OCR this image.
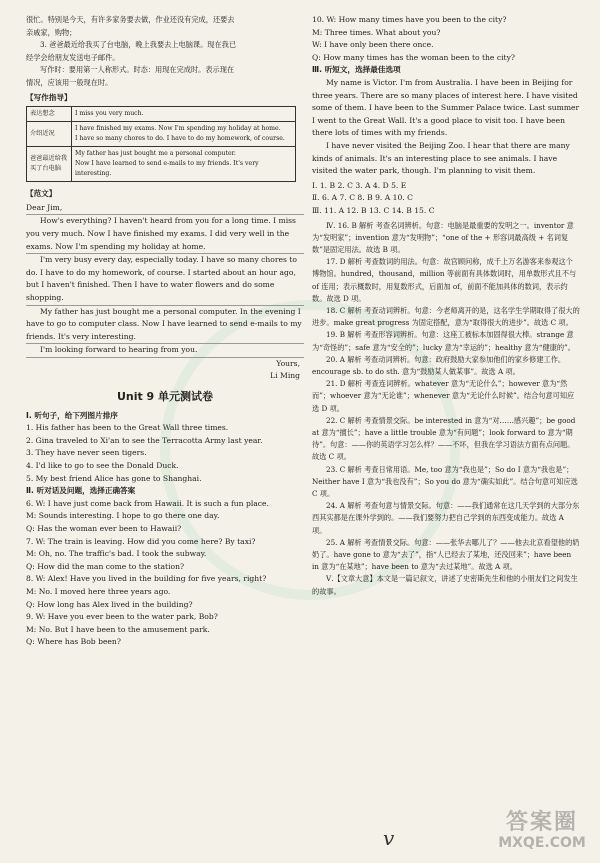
很忙。特别是今天，有许多家务要去做，作业还没有完成，还要去

亲戚家，购物；

3. 爸爸最近给我买了台电脑，晚上我要去上电脑课。现在我已

经学会给朋友发送电子邮件。

写作时：要用第一人称形式。时态：用现在完成时。表示现在

情况，应该用一般现在时。

【写作指导】

表达想念	I miss you very much.
介绍近况	I have finished my exams. Now I'm spending my holiday at home.
I have so many chores to do. I have to do my homework, of course.

爸爸最近给我买了台电脑	My father has just bought me a personal computer.
Now I have learned to send e-mails to my friends. It's very interesting.

【范文】

Dear Jim,

How's everything? I haven't heard from you for a long time. I miss you very much. Now I have finished my exams. I did very well in the exams. Now I'm spending my holiday at home.

I'm very busy every day, especially today. I have so many chores to do. I have to do my homework, of course. I started about an hour ago, but I haven't finished. Then I have to water flowers and do some shopping.

My father has just bought me a personal computer. In the evening I have to go to computer class. Now I have learned to send e-mails to my friends. It's very interesting.

I'm looking forward to hearing from you.

Yours,

Li Ming

Unit 9 单元测试卷

Ⅰ. 听句子，给下列图片排序

1. His father has been to the Great Wall three times.

2. Gina traveled to Xi'an to see the Terracotta Army last year.

3. They have never seen tigers.

4. I'd like to go to see the Donald Duck.

5. My best friend Alice has gone to Shanghai.

Ⅱ. 听对话及问题，选择正确答案

6. W: I have just come back from Hawaii. It is such a fun place.

M: Sounds interesting. I hope to go there one day.

Q: Has the woman ever been to Hawaii?

7. W: The train is leaving. How did you come here? By taxi?

M: Oh, no. The traffic's bad. I took the subway.

Q: How did the man come to the station?

8. W: Alex! Have you lived in the building for five years, right?

M: No. I moved here three years ago.

Q: How long has Alex lived in the building?

9. W: Have you ever been to the water park, Bob?

M: No. But I have been to the amusement park.

Q: Where has Bob been?

10. W: How many times have you been to the city?

M: Three times. What about you?

W: I have only been there once.

Q: How many times has the woman been to the city?

Ⅲ. 听短文，选择最佳选项

My name is Victor. I'm from Australia. I have been in Beijing for three years. There are so many places of interest here. I have visited some of them. I have been to the Summer Palace twice. Last summer I went to the Great Wall. It's a good place to visit too. I have been there lots of times with my friends.

I have never visited the Beijing Zoo. I hear that there are many kinds of animals. It's an interesting place to see animals. I have visited the water park, though. I'm planning to visit them.

Ⅰ. 1. B 2. C 3. A 4. D 5. E

Ⅱ. 6. A 7. C 8. B 9. A 10. C

Ⅲ. 11. A 12. B 13. C 14. B 15. C

Ⅳ. 16. B 解析 考查名词辨析。句意：电脑是最重要的发明之一。inventor 意为“发明家”；invention 意为“发明物”；“one of the + 形容词最高级 + 名词复数”是固定用法。故选 B 项。

17. D 解析 考查数词的用法。句意：故宫顾问称，成千上万名游客来参观这个博物馆。hundred，thousand，million 等前面有具体数词时，用单数形式且不与 of 连用；表示概数时，用复数形式，后面加 of，前面不能加具体的数词，表示约数。故选 D 项。

18. C 解析 考查动词辨析。句意：今老师离开的是，这名学生学期取得了很大的进步。make great progress 为固定搭配，意为“取得很大的进步”。故选 C 项。

19. B 解析 考查形容词辨析。句意：这座工被标本加固得很大棒。strange 意为“奇怪的”；safe 意为“安全的”；lucky 意为“幸运的”；healthy 意为“健康的”。

20. A 解析 考查动词辨析。句意：政府鼓励大家参加他们的家乡修建工作。encourage sb. to do sth. 意为“鼓励某人做某事”。故选 A 项。

21. D 解析 考查连词辨析。whatever 意为“无论什么”；however 意为“然而”；whoever 意为“无论谁”；whenever 意为“无论什么时候”。结合句意可知应选 D 项。

22. C 解析 考查情景交际。be interested in 意为“对……感兴趣”；be good at 意为“擅长”；have a little trouble 意为“有问题”；look forward to 意为“期待”。句意：——你的英语学习怎么样？——不坏，但我在学习语法方面有点问题。故选 C 项。

23. C 解析 考查日常用语。Me, too 意为“我也是”；So do I 意为“我也是”；Neither have I 意为“我也没有”；So you do 意为“确实如此”。结合句意可知应选 C 项。

24. A 解析 考查句意与情景交际。句意：——我们通常在这几天学到的大部分东西其实都是在课外学到的。——我们要努力把自己学到的东西变成能力。故选 A 项。

25. A 解析 考查情景交际。句意：——张华去哪儿了？——他去北京看望他的奶奶了。have gone to 意为“去了”，指“人已经去了某地，还没回来”；have been in 意为“在某地”；have been to 意为“去过某地”。故选 A 项。

Ⅴ.【文章大意】本文是一篇记叙文，讲述了史密斯先生和他的小朋友们之间发生的故事。

v
答案圈
MXQE.COM
